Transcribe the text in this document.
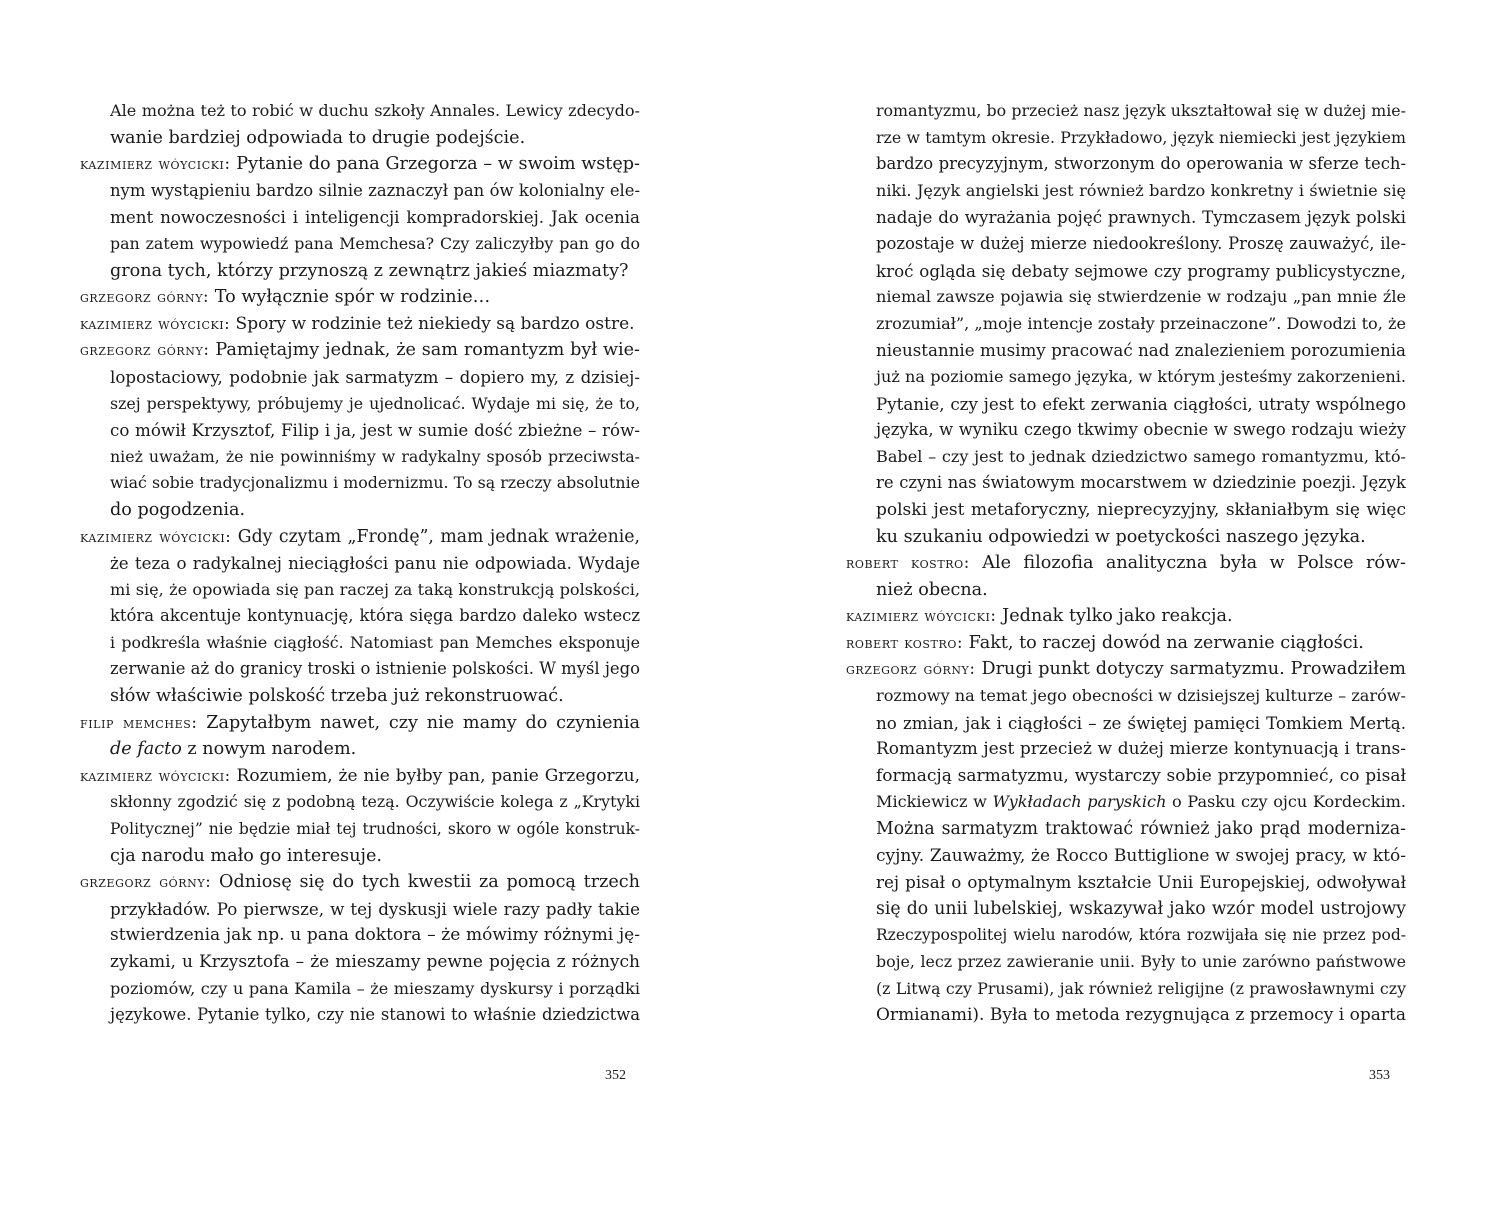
Ale można też to robić w duchu szkoły Annales. Lewicy zdecydo-
wanie bardziej odpowiada to drugie podejście.
kazimierz wóycicki: Pytanie do pana Grzegorza – w swoim wstęp-
nym wystąpieniu bardzo silnie zaznaczył pan ów kolonialny ele-
ment nowoczesności i inteligencji kompradorskiej. Jak ocenia
pan zatem wypowiedź pana Memchesa? Czy zaliczyłby pan go do
grona tych, którzy przynoszą z zewnątrz jakieś miazmaty?
grzegorz górny: To wyłącznie spór w rodzinie…
kazimierz wóycicki: Spory w rodzinie też niekiedy są bardzo ostre.
grzegorz górny: Pamiętajmy jednak, że sam romantyzm był wie-
lopostaciowy, podobnie jak sarmatyzm – dopiero my, z dzisiej-
szej perspektywy, próbujemy je ujednolicać. Wydaje mi się, że to,
co mówił Krzysztof, Filip i ja, jest w sumie dość zbieżne – rów-
nież uważam, że nie powinniśmy w radykalny sposób przeciwsta-
wiać sobie tradycjonalizmu i modernizmu. To są rzeczy absolutnie
do pogodzenia.
kazimierz wóycicki: Gdy czytam „Frondę”, mam jednak wrażenie,
że teza o radykalnej nieciągłości panu nie odpowiada. Wydaje
mi się, że opowiada się pan raczej za taką konstrukcją polskości,
która akcentuje kontynuację, która sięga bardzo daleko wstecz
i podkreśla właśnie ciągłość. Natomiast pan Memches eksponuje
zerwanie aż do granicy troski o istnienie polskości. W myśl jego
słów właściwie polskość trzeba już rekonstruować.
filip memches: Zapytałbym nawet, czy nie mamy do czynienia
de facto z nowym narodem.
kazimierz wóycicki: Rozumiem, że nie byłby pan, panie Grzegorzu,
skłonny zgodzić się z podobną tezą. Oczywiście kolega z „Krytyki
Politycznej” nie będzie miał tej trudności, skoro w ogóle konstruk-
cja narodu mało go interesuje.
grzegorz górny: Odniosę się do tych kwestii za pomocą trzech
przykładów. Po pierwsze, w tej dyskusji wiele razy padły takie
stwierdzenia jak np. u pana doktora – że mówimy różnymi ję-
zykami, u Krzysztofa – że mieszamy pewne pojęcia z różnych
poziomów, czy u pana Kamila – że mieszamy dyskursy i porządki
językowe. Pytanie tylko, czy nie stanowi to właśnie dziedzictwa
352
romantyzmu, bo przecież nasz język ukształtował się w dużej mie-
rze w tamtym okresie. Przykładowo, język niemiecki jest językiem
bardzo precyzyjnym, stworzonym do operowania w sferze tech-
niki. Język angielski jest również bardzo konkretny i świetnie się
nadaje do wyrażania pojęć prawnych. Tymczasem język polski
pozostaje w dużej mierze niedookreślony. Proszę zauważyć, ile-
kroć ogląda się debaty sejmowe czy programy publicystyczne,
niemal zawsze pojawia się stwierdzenie w rodzaju „pan mnie źle
zrozumiał”, „moje intencje zostały przeinaczone”. Dowodzi to, że
nieustannie musimy pracować nad znalezieniem porozumienia
już na poziomie samego języka, w którym jesteśmy zakorzenieni.
Pytanie, czy jest to efekt zerwania ciągłości, utraty wspólnego
języka, w wyniku czego tkwimy obecnie w swego rodzaju wieży
Babel – czy jest to jednak dziedzictwo samego romantyzmu, któ-
re czyni nas światowym mocarstwem w dziedzinie poezji. Język
polski jest metaforyczny, nieprecyzyjny, skłaniałbym się więc
ku szukaniu odpowiedzi w poetyckości naszego języka.
robert kostro: Ale filozofia analityczna była w Polsce rów-
nież obecna.
kazimierz wóycicki: Jednak tylko jako reakcja.
robert kostro: Fakt, to raczej dowód na zerwanie ciągłości.
grzegorz górny: Drugi punkt dotyczy sarmatyzmu. Prowadziłem
rozmowy na temat jego obecności w dzisiejszej kulturze – zarów-
no zmian, jak i ciągłości – ze świętej pamięci Tomkiem Mertą.
Romantyzm jest przecież w dużej mierze kontynuacją i trans-
formacją sarmatyzmu, wystarczy sobie przypomnieć, co pisał
Mickiewicz w Wykładach paryskich o Pasku czy ojcu Kordeckim.
Można sarmatyzm traktować również jako prąd moderniza-
cyjny. Zauważmy, że Rocco Buttiglione w swojej pracy, w któ-
rej pisał o optymalnym kształcie Unii Europejskiej, odwoływał
się do unii lubelskiej, wskazywał jako wzór model ustrojowy
Rzeczypospolitej wielu narodów, która rozwijała się nie przez pod-
boje, lecz przez zawieranie unii. Były to unie zarówno państwowe
(z Litwą czy Prusami), jak również religijne (z prawosławnymi czy
Ormianami). Była to metoda rezygnująca z przemocy i oparta
353
